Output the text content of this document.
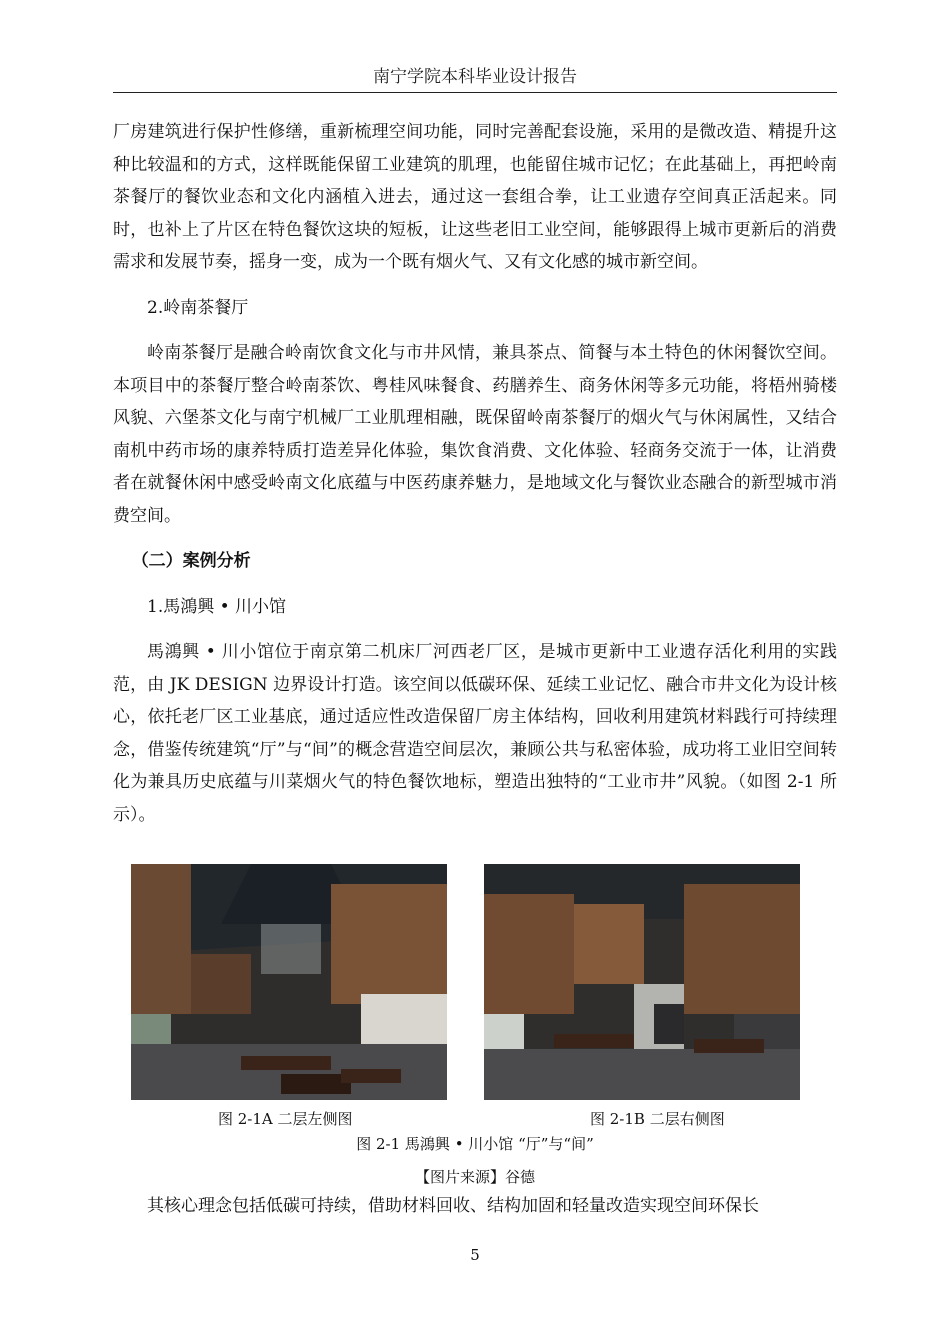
南宁学院本科毕业设计报告

厂房建筑进行保护性修缮，重新梳理空间功能，同时完善配套设施，采用的是微改造、精提升这种比较温和的方式，这样既能保留工业建筑的肌理，也能留住城市记忆；在此基础上，再把岭南茶餐厅的餐饮业态和文化内涵植入进去，通过这一套组合拳，让工业遗存空间真正活起来。同时，也补上了片区在特色餐饮这块的短板，让这些老旧工业空间，能够跟得上城市更新后的消费需求和发展节奏，摇身一变，成为一个既有烟火气、又有文化感的城市新空间。

2.岭南茶餐厅

岭南茶餐厅是融合岭南饮食文化与市井风情，兼具茶点、简餐与本土特色的休闲餐饮空间。本项目中的茶餐厅整合岭南茶饮、粤桂风味餐食、药膳养生、商务休闲等多元功能，将梧州骑楼风貌、六堡茶文化与南宁机械厂工业肌理相融，既保留岭南茶餐厅的烟火气与休闲属性，又结合南机中药市场的康养特质打造差异化体验，集饮食消费、文化体验、轻商务交流于一体，让消费者在就餐休闲中感受岭南文化底蕴与中医药康养魅力，是地域文化与餐饮业态融合的新型城市消费空间。

（二）案例分析

1.馬鴻興 • 川小馆

馬鴻興 • 川小馆位于南京第二机床厂河西老厂区，是城市更新中工业遗存活化利用的实践范，由 JK DESIGN 边界设计打造。该空间以低碳环保、延续工业记忆、融合市井文化为设计核心，依托老厂区工业基底，通过适应性改造保留厂房主体结构，回收利用建筑材料践行可持续理念，借鉴传统建筑“厅”与“间”的概念营造空间层次，兼顾公共与私密体验，成功将工业旧空间转化为兼具历史底蕴与川菜烟火气的特色餐饮地标，塑造出独特的“工业市井”风貌。（如图 2-1 所示）。

图 2-1A 二层左侧图	图 2-1B 二层右侧图
图 2-1 馬鴻興 • 川小馆 “厅”与“间”
【图片来源】谷德

其核心理念包括低碳可持续，借助材料回收、结构加固和轻量改造实现空间环保长

5
